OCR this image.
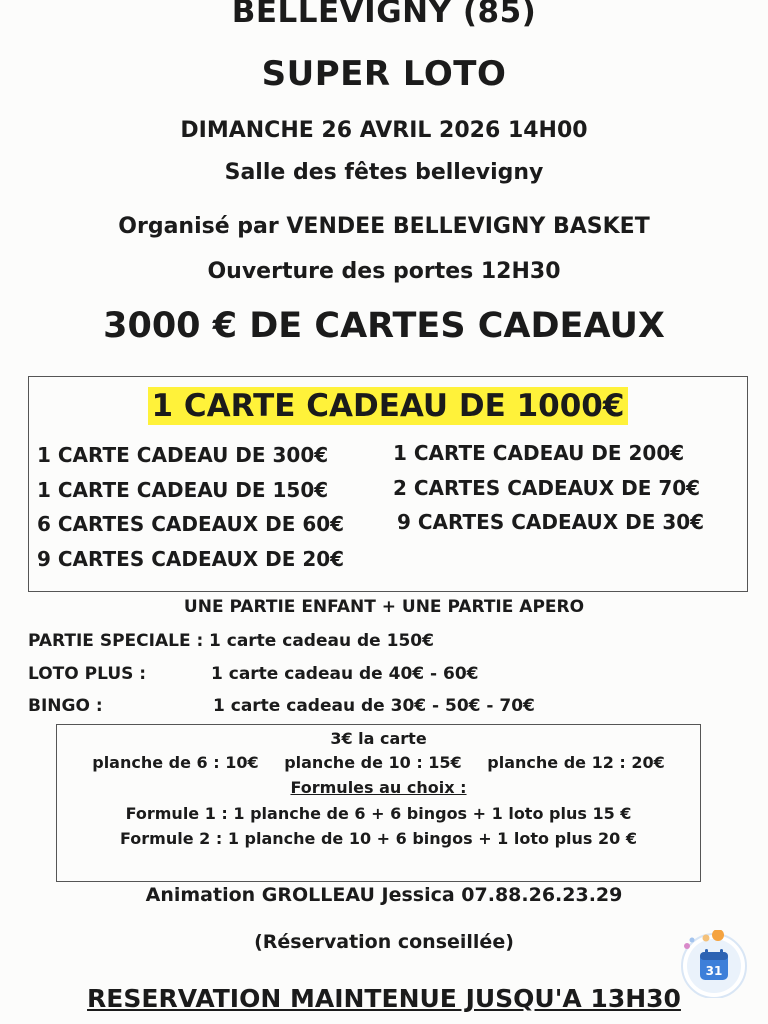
BELLEVIGNY (85)
SUPER LOTO
DIMANCHE 26 AVRIL 2026 14H00
Salle des fêtes bellevigny
Organisé par VENDEE BELLEVIGNY BASKET
Ouverture des portes 12H30
3000 € DE CARTES CADEAUX
1 CARTE CADEAU DE 1000€
1 CARTE CADEAU DE 300€	1 CARTE CADEAU DE 200€
1 CARTE CADEAU DE 150€	2 CARTES CADEAUX DE 70€
6 CARTES CADEAUX DE 60€	9 CARTES CADEAUX DE 30€
9 CARTES CADEAUX DE 20€
UNE PARTIE ENFANT + UNE PARTIE APERO
PARTIE SPECIALE : 1 carte cadeau de 150€
LOTO PLUS :	1 carte cadeau de 40€ - 60€
BINGO :	1 carte cadeau de 30€ - 50€ - 70€
3€ la carte
planche de 6 : 10€ planche de 10 : 15€ planche de 12 : 20€
Formules au choix :
Formule 1 : 1 planche de 6 + 6 bingos + 1 loto plus 15 €
Formule 2 : 1 planche de 10 + 6 bingos + 1 loto plus 20 €
Animation GROLLEAU Jessica 07.88.26.23.29
(Réservation conseillée)
RESERVATION MAINTENUE JUSQU'A 13H30
31
